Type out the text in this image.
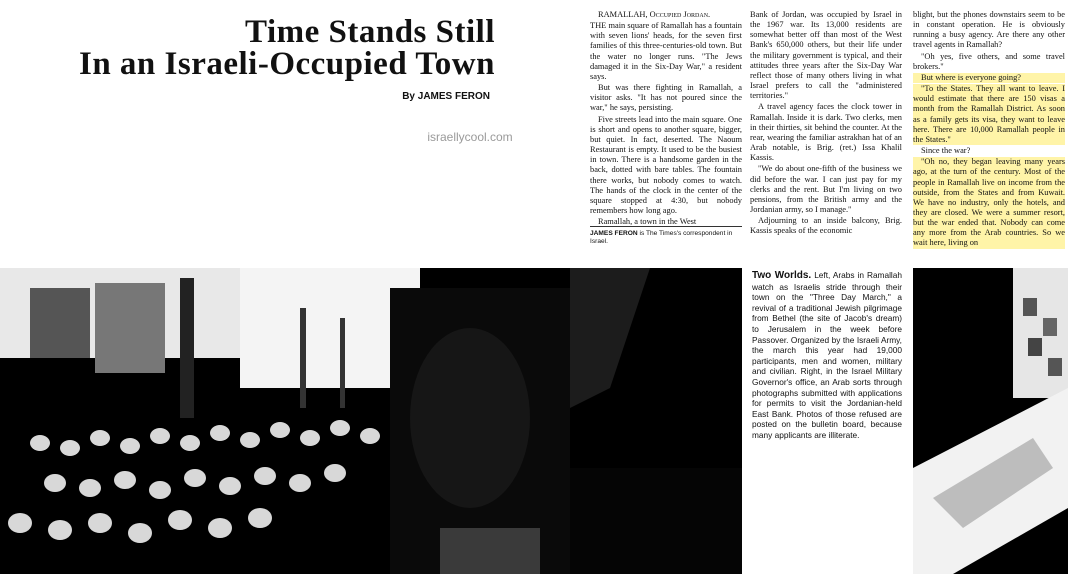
Time Stands Still
In an Israeli-Occupied Town
By JAMES FERON
israellycool.com

RAMALLAH, Occupied Jordan.

THE main square of Ramallah has a fountain with seven lions' heads, for the seven first families of this three-centuries-old town. But the water no longer runs. "The Jews damaged it in the Six-Day War," a resident says.

But was there fighting in Ramallah, a visitor asks. "It has not poured since the war," he says, persisting.

Five streets lead into the main square. One is short and opens to another square, bigger, but quiet. In fact, deserted. The Naoum Restaurant is empty. It used to be the busiest in town. There is a handsome garden in the back, dotted with bare tables. The fountain there works, but nobody comes to watch. The hands of the clock in the center of the square stopped at 4:30, but nobody remembers how long ago.

Ramallah, a town in the West

JAMES FERON is The Times's correspondent in Israel.

Bank of Jordan, was occupied by Israel in the 1967 war. Its 13,000 residents are somewhat better off than most of the West Bank's 650,000 others, but their life under the military government is typical, and their attitudes three years after the Six-Day War reflect those of many others living in what Israel prefers to call the "administered territories."

A travel agency faces the clock tower in Ramallah. Inside it is dark. Two clerks, men in their thirties, sit behind the counter. At the rear, wearing the familiar astrakhan hat of an Arab notable, is Brig. (ret.) Issa Khalil Kassis.

"We do about one-fifth of the business we did before the war. I can just pay for my clerks and the rent. But I'm living on two pensions, from the British army and the Jordanian army, so I manage."

Adjourning to an inside balcony, Brig. Kassis speaks of the economic

blight, but the phones downstairs seem to be in constant operation. He is obviously running a busy agency. Are there any other travel agents in Ramallah?

"Oh yes, five others, and some travel brokers."

But where is everyone going?

"To the States. They all want to leave. I would estimate that there are 150 visas a month from the Ramallah District. As soon as a family gets its visa, they want to leave here. There are 10,000 Ramallah people in the States."

Since the war?

"Oh no, they began leaving many years ago, at the turn of the century. Most of the people in Ramallah live on income from the outside, from the States and from Kuwait. We have no industry, only the hotels, and they are closed. We were a summer resort, but the war ended that. Nobody can come any more from the Arab countries. So we wait here, living on

Two Worlds. Left, Arabs in Ramallah watch as Israelis stride through their town on the "Three Day March," a revival of a traditional Jewish pilgrimage from Bethel (the site of Jacob's dream) to Jerusalem in the week before Passover. Organized by the Israeli Army, the march this year had 19,000 participants, men and women, military and civilian. Right, in the Israel Military Governor's office, an Arab sorts through photographs submitted with applications for permits to visit the Jordanian-held East Bank. Photos of those refused are posted on the bulletin board, because many applicants are illiterate.
